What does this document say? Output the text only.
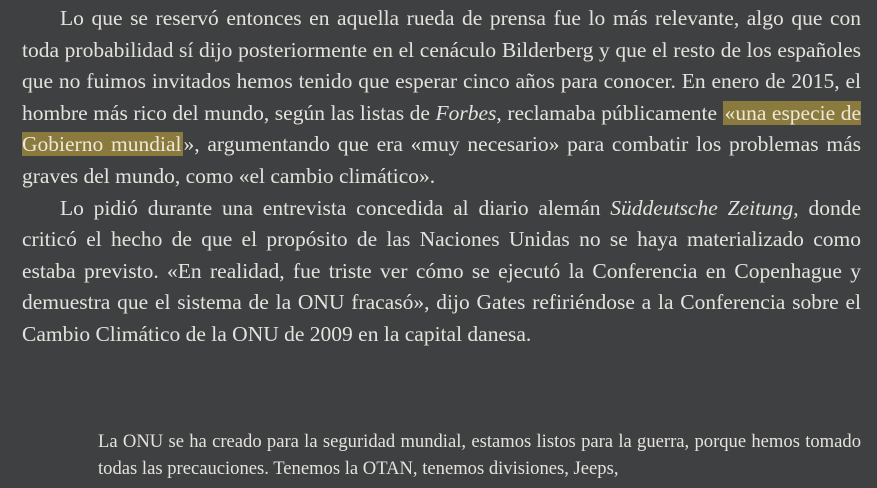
Lo que se reservó entonces en aquella rueda de prensa fue lo más relevante, algo que con toda probabilidad sí dijo posteriormente en el cenáculo Bilderberg y que el resto de los españoles que no fuimos invitados hemos tenido que esperar cinco años para conocer. En enero de 2015, el hombre más rico del mundo, según las listas de Forbes, reclamaba públicamente «una especie de Gobierno mundial», argumentando que era «muy necesario» para combatir los problemas más graves del mundo, como «el cambio climático».

Lo pidió durante una entrevista concedida al diario alemán Süddeutsche Zeitung, donde criticó el hecho de que el propósito de las Naciones Unidas no se haya materializado como estaba previsto. «En realidad, fue triste ver cómo se ejecutó la Conferencia en Copenhague y demuestra que el sistema de la ONU fracasó», dijo Gates refiriéndose a la Conferencia sobre el Cambio Climático de la ONU de 2009 en la capital danesa.

La ONU se ha creado para la seguridad mundial, estamos listos para la guerra, porque hemos tomado todas las precauciones. Tenemos la OTAN, tenemos divisiones, Jeeps,
